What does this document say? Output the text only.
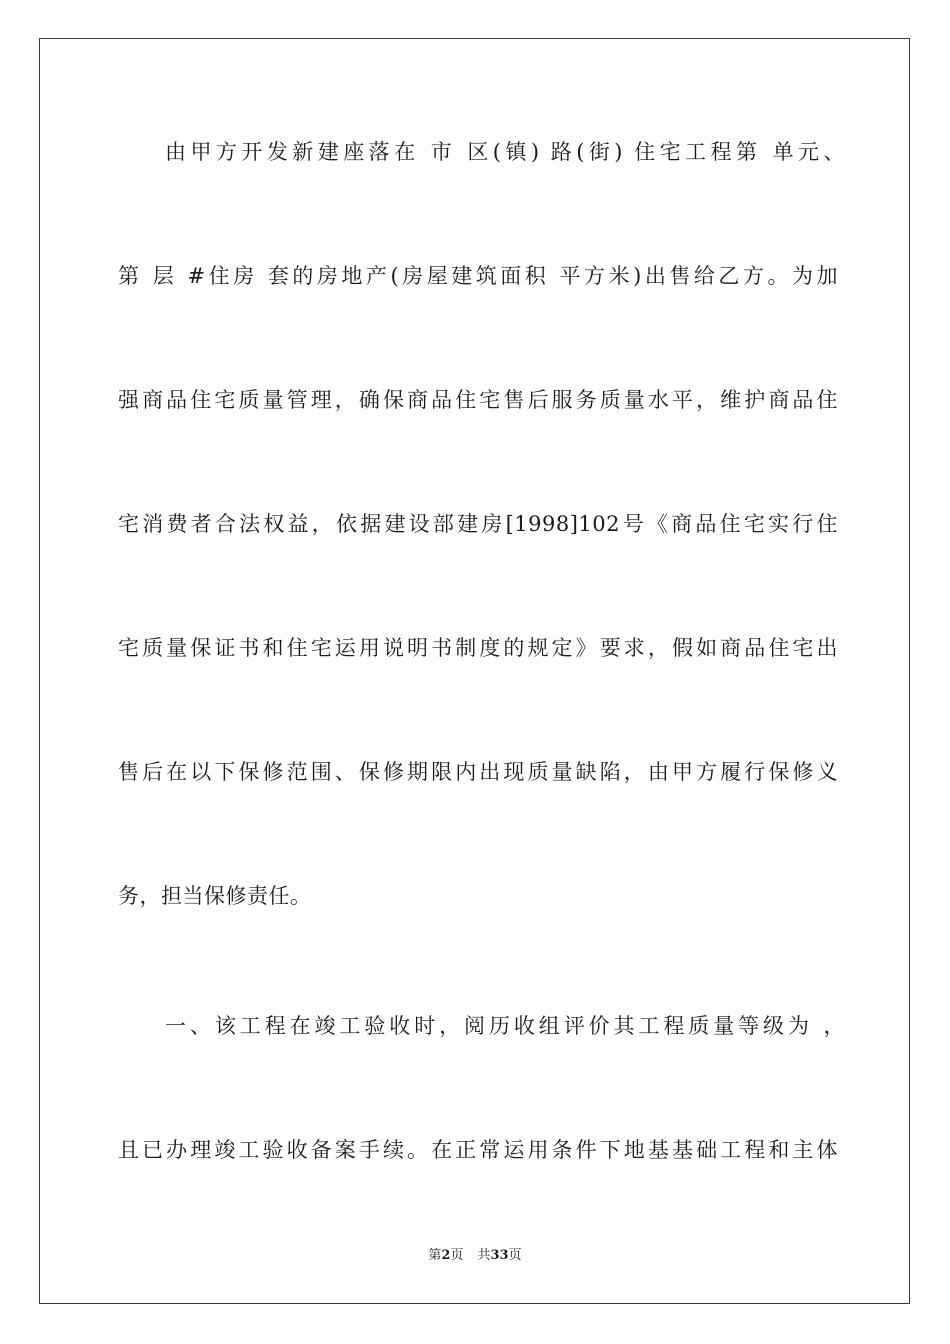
由甲方开发新建座落在 市 区(镇) 路(街) 住宅工程第 单元、
第 层 #住房 套的房地产(房屋建筑面积 平方米)出售给乙方。为加
强商品住宅质量管理，确保商品住宅售后服务质量水平，维护商品住
宅消费者合法权益，依据建设部建房[1998]102号《商品住宅实行住
宅质量保证书和住宅运用说明书制度的规定》要求，假如商品住宅出
售后在以下保修范围、保修期限内出现质量缺陷，由甲方履行保修义
务，担当保修责任。
一、该工程在竣工验收时，阅历收组评价其工程质量等级为 ，
且已办理竣工验收备案手续。在正常运用条件下地基基础工程和主体
第2页 共33页
